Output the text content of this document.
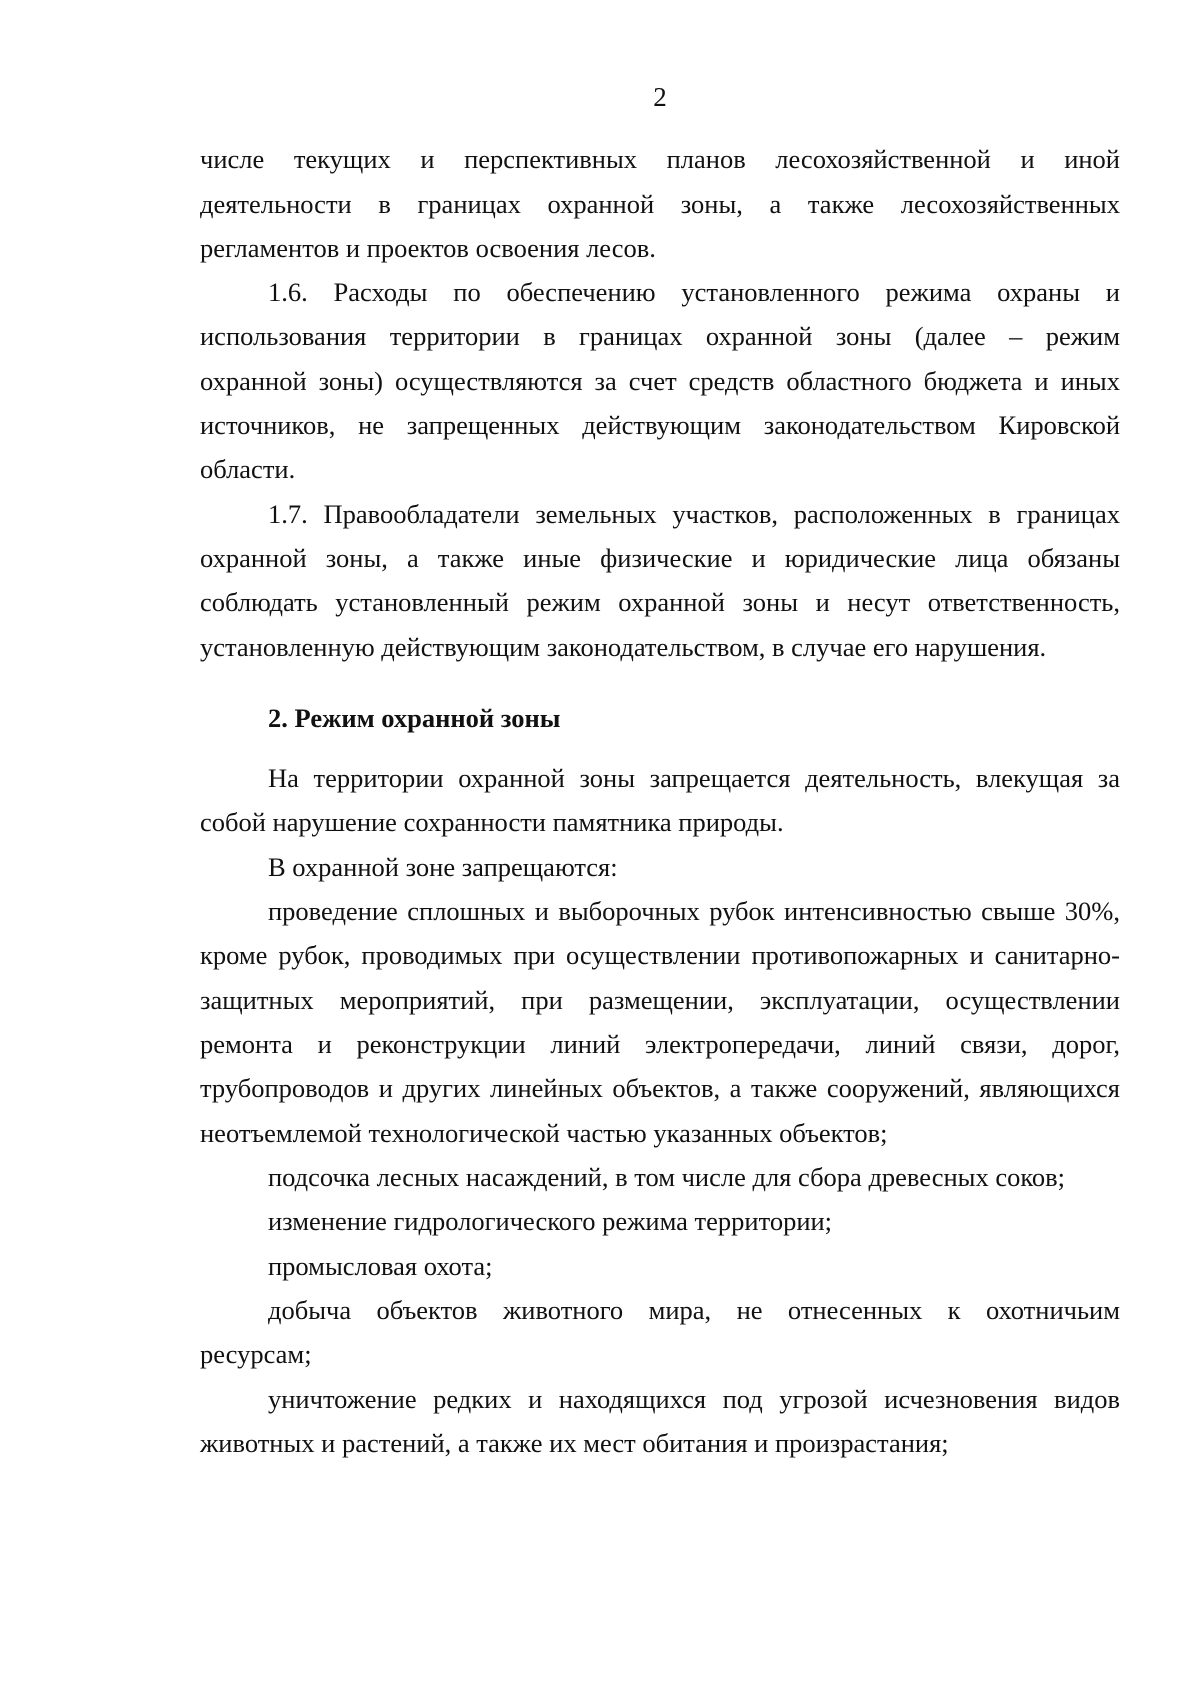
2
числе текущих и перспективных планов лесохозяйственной и иной
деятельности в границах охранной зоны, а также лесохозяйственных
регламентов и проектов освоения лесов.
1.6. Расходы по обеспечению установленного режима охраны и
использования территории в границах охранной зоны (далее – режим
охранной зоны) осуществляются за счет средств областного бюджета и иных
источников, не запрещенных действующим законодательством Кировской
области.
1.7. Правообладатели земельных участков, расположенных в границах
охранной зоны, а также иные физические и юридические лица обязаны
соблюдать установленный режим охранной зоны и несут ответственность,
установленную действующим законодательством, в случае его нарушения.
2. Режим охранной зоны
На территории охранной зоны запрещается деятельность, влекущая за
собой нарушение сохранности памятника природы.
В охранной зоне запрещаются:
проведение сплошных и выборочных рубок интенсивностью свыше 30%,
кроме рубок, проводимых при осуществлении противопожарных и санитарно-
защитных мероприятий, при размещении, эксплуатации, осуществлении
ремонта и реконструкции линий электропередачи, линий связи, дорог,
трубопроводов и других линейных объектов, а также сооружений, являющихся
неотъемлемой технологической частью указанных объектов;
подсочка лесных насаждений, в том числе для сбора древесных соков;
изменение гидрологического режима территории;
промысловая охота;
добыча объектов животного мира, не отнесенных к охотничьим
ресурсам;
уничтожение редких и находящихся под угрозой исчезновения видов
животных и растений, а также их мест обитания и произрастания;
